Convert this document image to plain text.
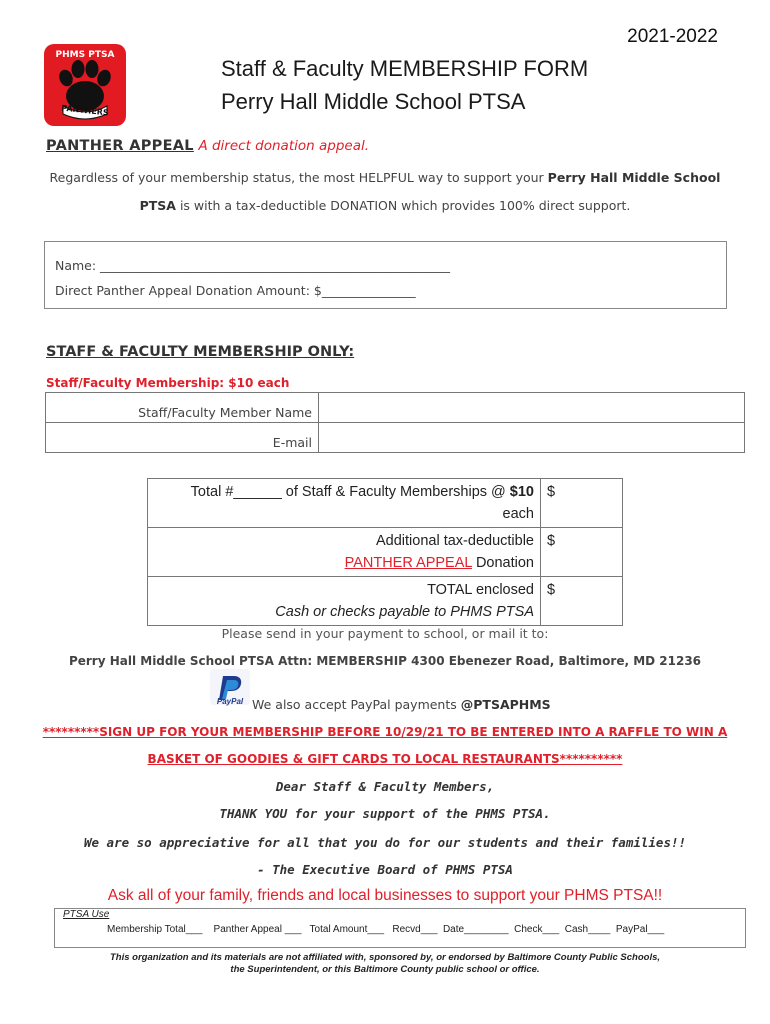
2021-2022
PHMS PTSA
PANTHERS
Staff & Faculty MEMBERSHIP FORM
Perry Hall Middle School PTSA
PANTHER APPEAL A direct donation appeal.
Regardless of your membership status, the most HELPFUL way to support your Perry Hall Middle School
PTSA is with a tax-deductible DONATION which provides 100% direct support.
Name: ________________________________________________________
Direct Panther Appeal Donation Amount: $_______________
STAFF & FACULTY MEMBERSHIP ONLY:
Staff/Faculty Membership: $10 each
Staff/Faculty Member Name	
E-mail	
Total #______ of Staff & Faculty Memberships @ $10
each	$
Additional tax-deductible
PANTHER APPEAL Donation	$
TOTAL enclosed
Cash or checks payable to PHMS PTSA	$
Please send in your payment to school, or mail it to:
Perry Hall Middle School PTSA Attn: MEMBERSHIP 4300 Ebenezer Road, Baltimore, MD 21236
PayPal We also accept PayPal payments @PTSAPHMS
*********SIGN UP FOR YOUR MEMBERSHIP BEFORE 10/29/21 TO BE ENTERED INTO A RAFFLE TO WIN A
BASKET OF GOODIES & GIFT CARDS TO LOCAL RESTAURANTS**********
Dear Staff & Faculty Members,
THANK YOU for your support of the PHMS PTSA.
We are so appreciative for all that you do for our students and their families!!
- The Executive Board of PHMS PTSA
Ask all of your family, friends and local businesses to support your PHMS PTSA!!
PTSA Use
Membership Total___    Panther Appeal ___   Total Amount___   Recvd___  Date________  Check___  Cash____  PayPal___
This organization and its materials are not affiliated with, sponsored by, or endorsed by Baltimore County Public Schools,
the Superintendent, or this Baltimore County public school or office.
